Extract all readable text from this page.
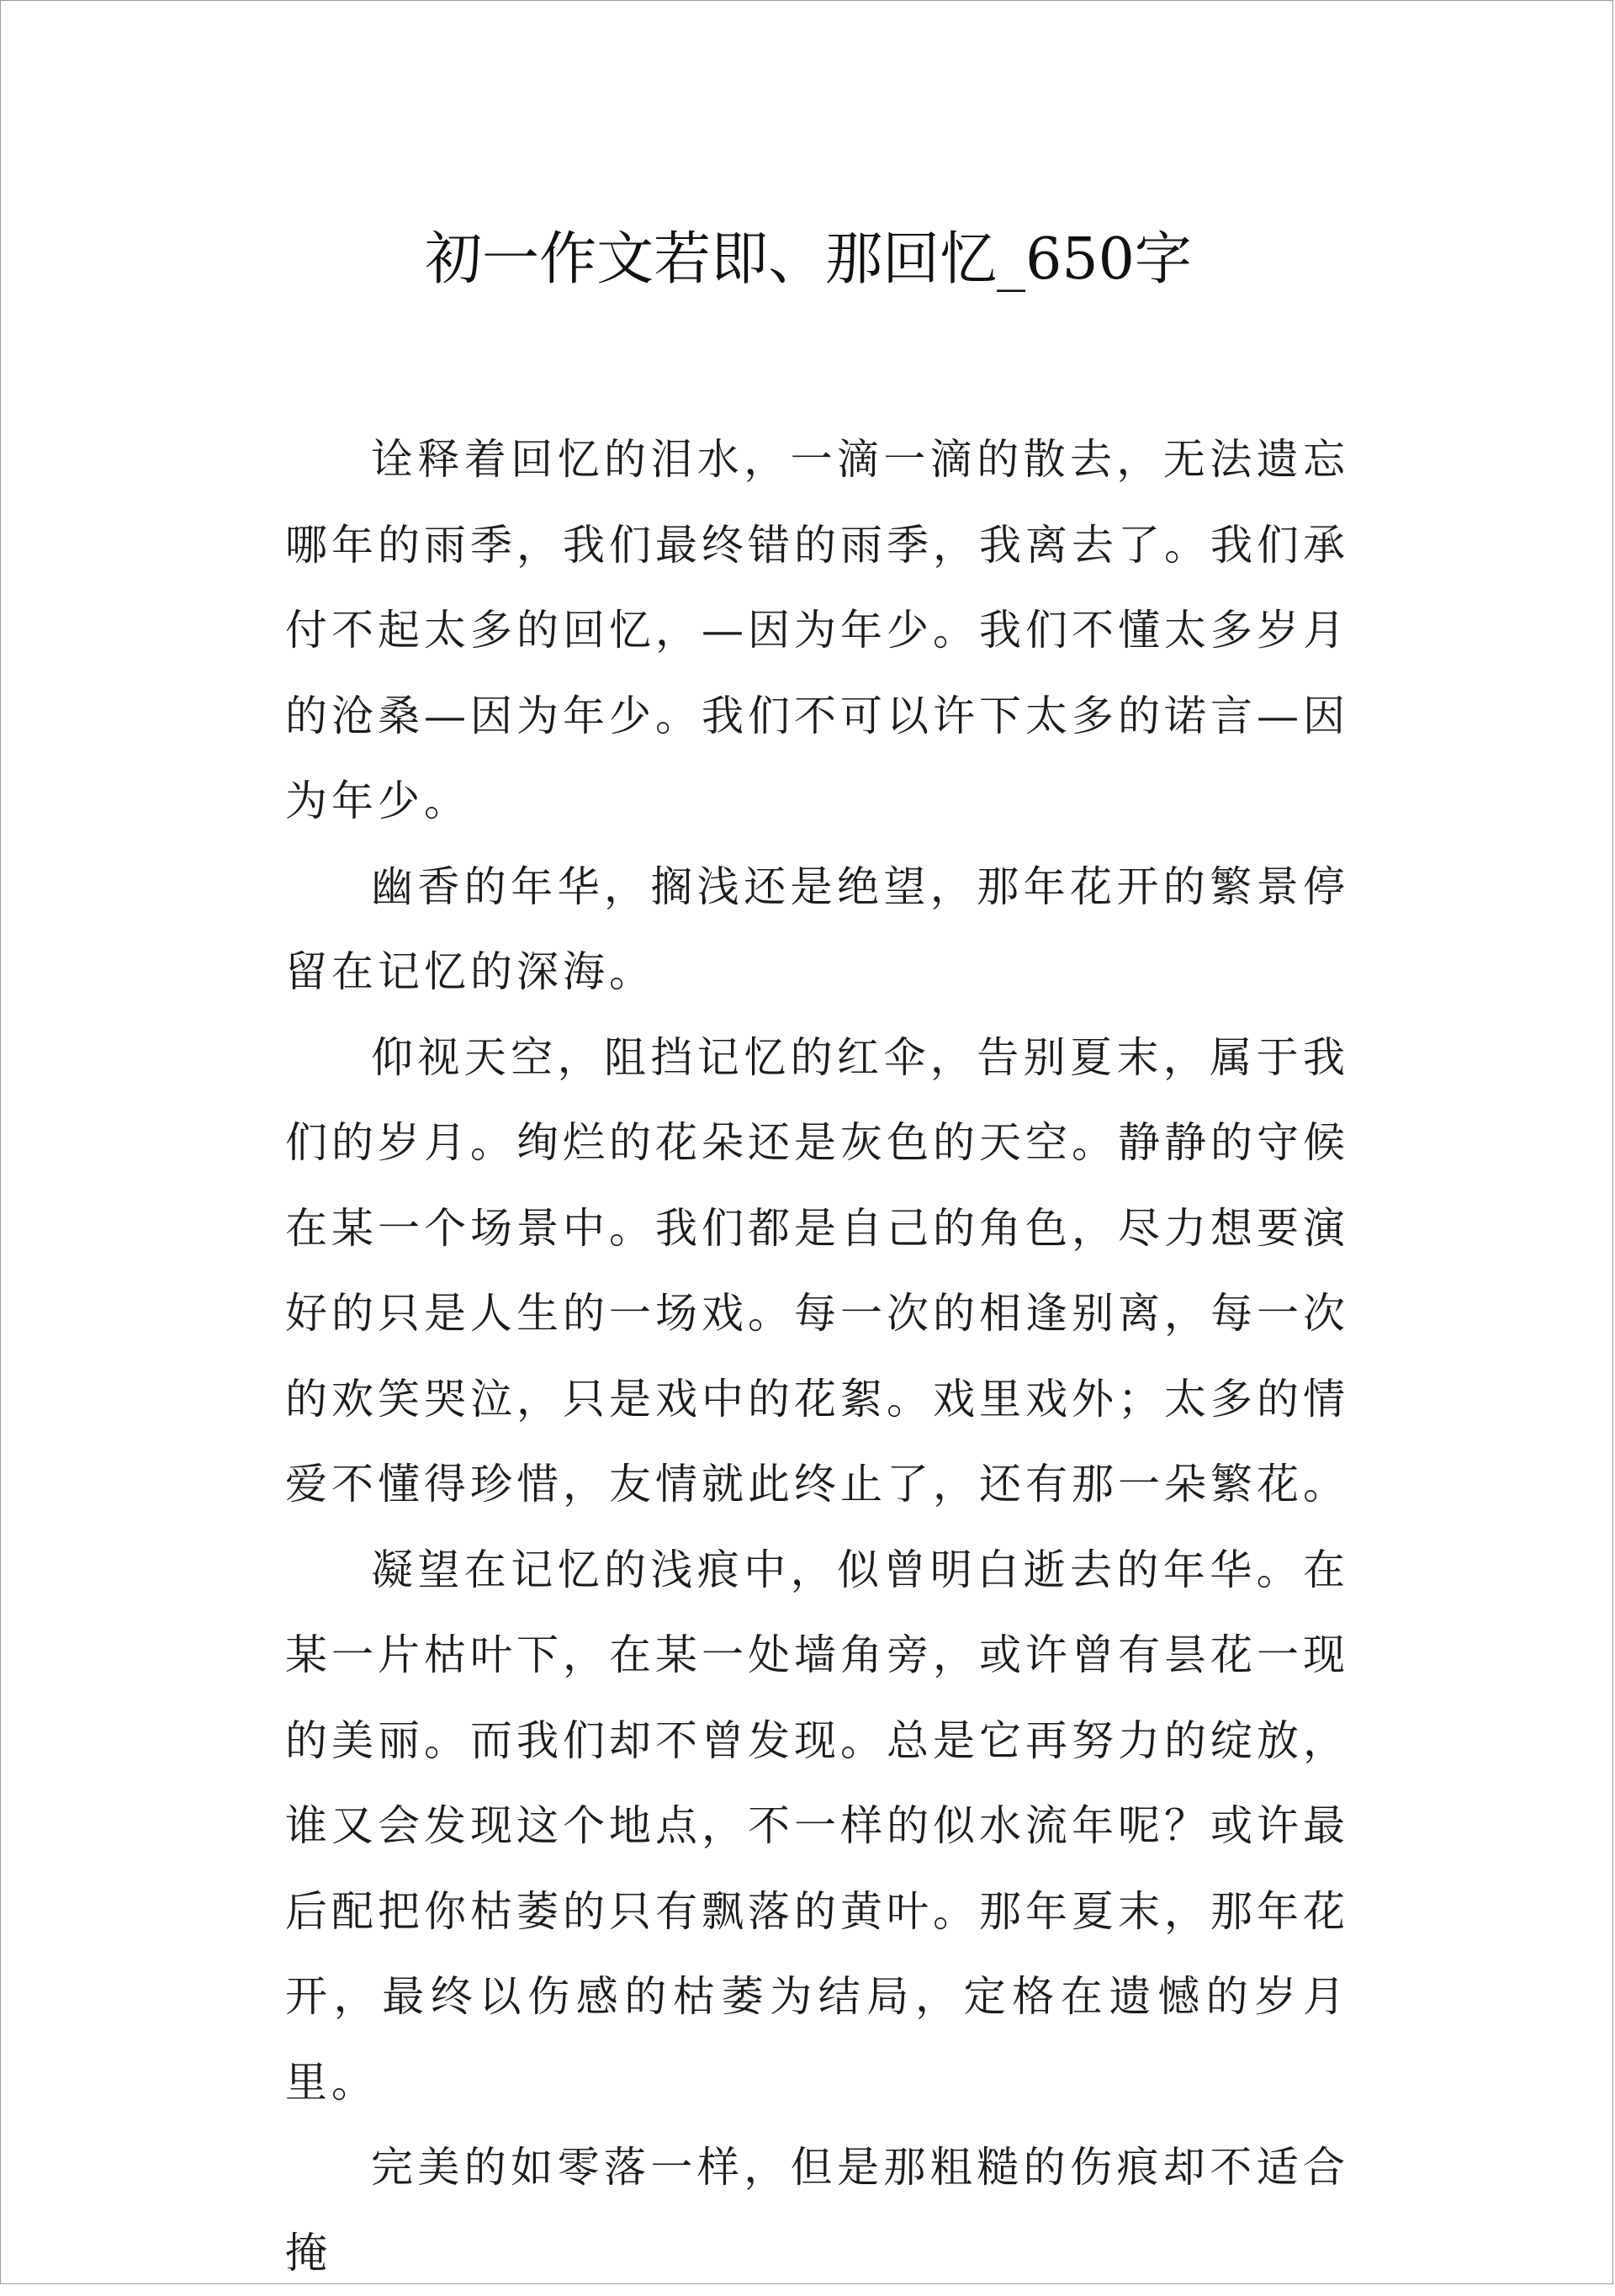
初一作文若即、那回忆_650字

诠释着回忆的泪水，一滴一滴的散去，无法遗忘哪年的雨季，我们最终错的雨季，我离去了。我们承付不起太多的回忆，—因为年少。我们不懂太多岁月的沧桑—因为年少。我们不可以许下太多的诺言—因为年少。

幽香的年华，搁浅还是绝望，那年花开的繁景停留在记忆的深海。

仰视天空，阻挡记忆的红伞，告别夏末，属于我们的岁月。绚烂的花朵还是灰色的天空。静静的守候在某一个场景中。我们都是自己的角色，尽力想要演好的只是人生的一场戏。每一次的相逢别离，每一次的欢笑哭泣，只是戏中的花絮。戏里戏外；太多的情爱不懂得珍惜，友情就此终止了，还有那一朵繁花。

凝望在记忆的浅痕中，似曾明白逝去的年华。在某一片枯叶下，在某一处墙角旁，或许曾有昙花一现的美丽。而我们却不曾发现。总是它再努力的绽放，谁又会发现这个地点，不一样的似水流年呢？或许最后配把你枯萎的只有飘落的黄叶。那年夏末，那年花开，最终以伤感的枯萎为结局，定格在遗憾的岁月里。

完美的如零落一样，但是那粗糙的伤痕却不适合掩
